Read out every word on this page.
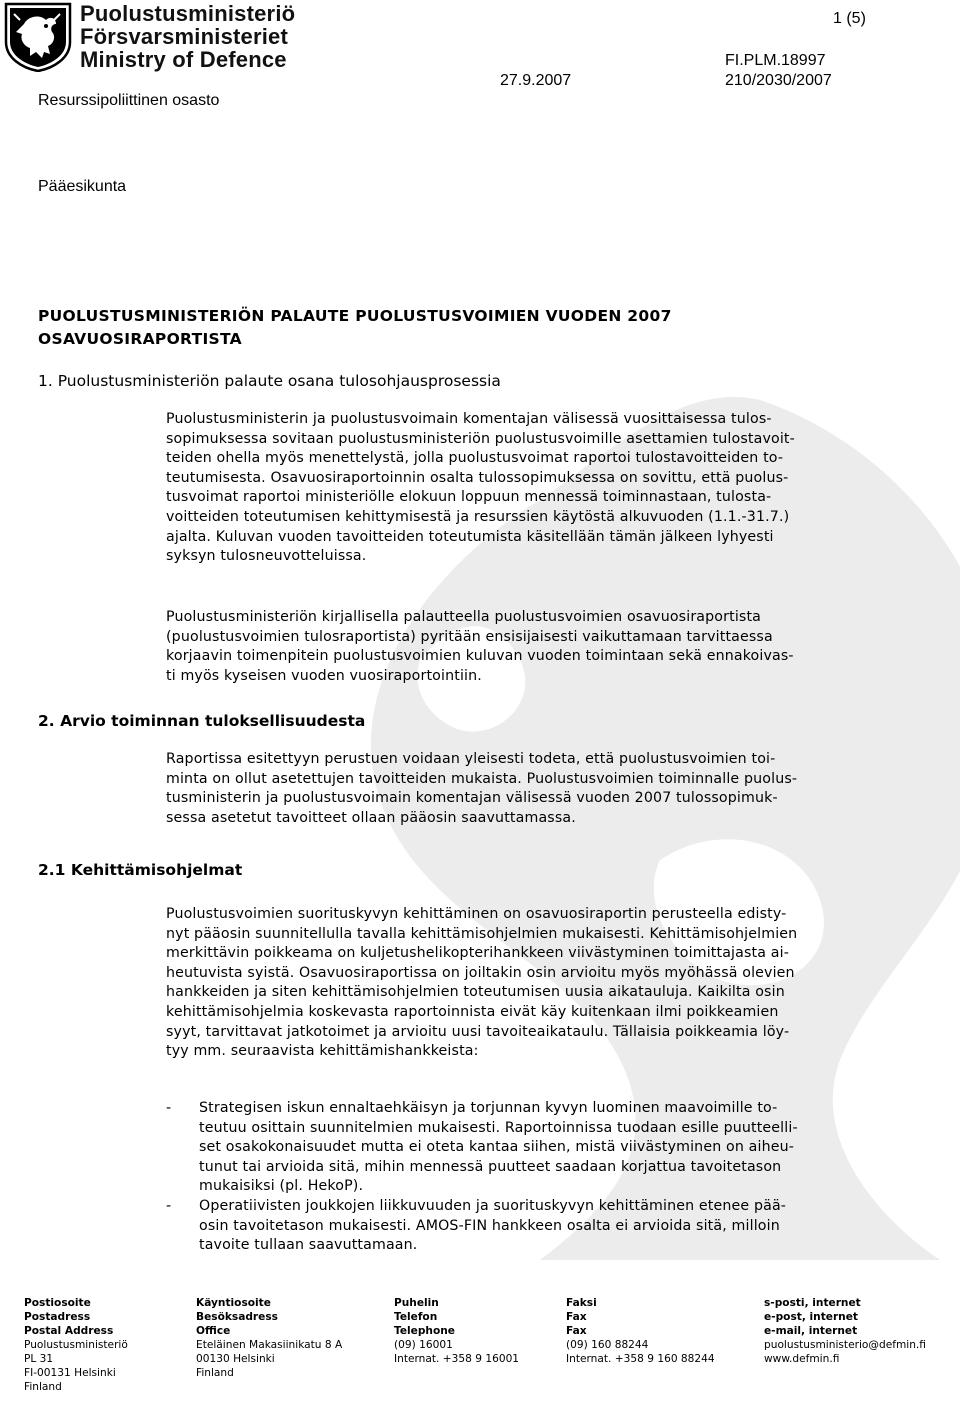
Puolustusministeriö
Försvarsministeriet
Ministry of Defence
1 (5)
27.9.2007
FI.PLM.18997
210/2030/2007
Resurssipoliittinen osasto
Pääesikunta
PUOLUSTUSMINISTERIÖN PALAUTE PUOLUSTUSVOIMIEN VUODEN 2007
OSAVUOSIRAPORTISTA
1. Puolustusministeriön palaute osana tulosohjausprosessia

Puolustusministerin ja puolustusvoimain komentajan välisessä vuosittaisessa tulos-
sopimuksessa sovitaan puolustusministeriön puolustusvoimille asettamien tulostavoit-
teiden ohella myös menettelystä, jolla puolustusvoimat raportoi tulostavoitteiden to-
teutumisesta. Osavuosiraportoinnin osalta tulossopimuksessa on sovittu, että puolus-
tusvoimat raportoi ministeriölle elokuun loppuun mennessä toiminnastaan, tulosta-
voitteiden toteutumisen kehittymisestä ja resurssien käytöstä alkuvuoden (1.1.-31.7.)
ajalta. Kuluvan vuoden tavoitteiden toteutumista käsitellään tämän jälkeen lyhyesti
syksyn tulosneuvotteluissa.

Puolustusministeriön kirjallisella palautteella puolustusvoimien osavuosiraportista
(puolustusvoimien tulosraportista) pyritään ensisijaisesti vaikuttamaan tarvittaessa
korjaavin toimenpitein puolustusvoimien kuluvan vuoden toimintaan sekä ennakoivas-
ti myös kyseisen vuoden vuosiraportointiin.

2. Arvio toiminnan tuloksellisuudesta

Raportissa esitettyyn perustuen voidaan yleisesti todeta, että puolustusvoimien toi-
minta on ollut asetettujen tavoitteiden mukaista. Puolustusvoimien toiminnalle puolus-
tusministerin ja puolustusvoimain komentajan välisessä vuoden 2007 tulossopimuk-
sessa asetetut tavoitteet ollaan pääosin saavuttamassa.

2.1 Kehittämisohjelmat

Puolustusvoimien suorituskyvyn kehittäminen on osavuosiraportin perusteella edisty-
nyt pääosin suunnitellulla tavalla kehittämisohjelmien mukaisesti. Kehittämisohjelmien
merkittävin poikkeama on kuljetushelikopterihankkeen viivästyminen toimittajasta ai-
heutuvista syistä. Osavuosiraportissa on joiltakin osin arvioitu myös myöhässä olevien
hankkeiden ja siten kehittämisohjelmien toteutumisen uusia aikatauluja. Kaikilta osin
kehittämisohjelmia koskevasta raportoinnista eivät käy kuitenkaan ilmi poikkeamien
syyt, tarvittavat jatkotoimet ja arvioitu uusi tavoiteaikataulu. Tällaisia poikkeamia löy-
tyy mm. seuraavista kehittämishankkeista:

- Strategisen iskun ennaltaehkäisyn ja torjunnan kyvyn luominen maavoimille to-
teutuu osittain suunnitelmien mukaisesti. Raportoinnissa tuodaan esille puutteelli-
set osakokonaisuudet mutta ei oteta kantaa siihen, mistä viivästyminen on aiheu-
tunut tai arvioida sitä, mihin mennessä puutteet saadaan korjattua tavoitetason
mukaisiksi (pl. HekoP).
- Operatiivisten joukkojen liikkuvuuden ja suorituskyvyn kehittäminen etenee pää-
osin tavoitetason mukaisesti. AMOS-FIN hankkeen osalta ei arvioida sitä, milloin
tavoite tullaan saavuttamaan.
Postiosoite
Postadress
Postal Address
Puolustusministeriö
PL 31
FI-00131 Helsinki
Finland
Käyntiosoite
Besöksadress
Office
Eteläinen Makasiinikatu 8 A
00130 Helsinki
Finland
Puhelin
Telefon
Telephone
(09) 16001
Internat. +358 9 16001
Faksi
Fax
Fax
(09) 160 88244
Internat. +358 9 160 88244
s-posti, internet
e-post, internet
e-mail, internet
puolustusministerio@defmin.fi
www.defmin.fi
